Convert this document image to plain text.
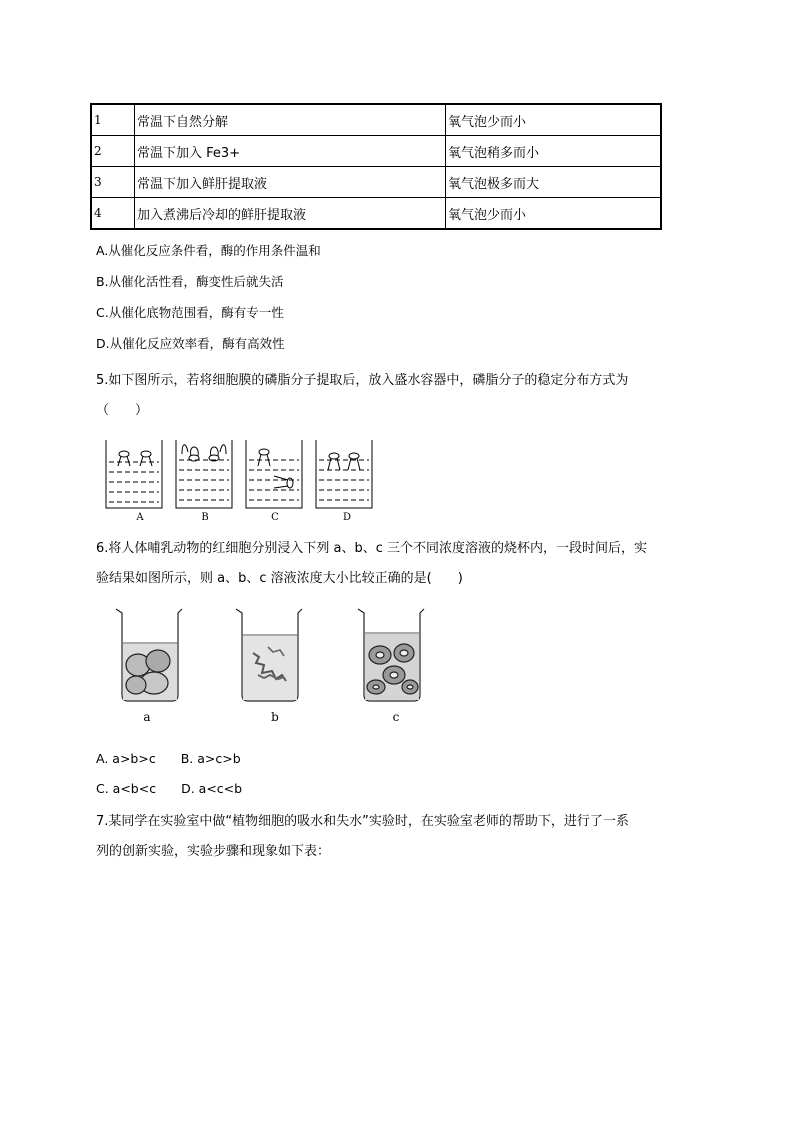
1	常温下自然分解	氧气泡少而小
2	常温下加入 Fe3+	氧气泡稍多而小
3	常温下加入鲜肝提取液	氧气泡极多而大
4	加入煮沸后冷却的鲜肝提取液	氧气泡少而小
A.从催化反应条件看，酶的作用条件温和
B.从催化活性看，酶变性后就失活
C.从催化底物范围看，酶有专一性
D.从催化反应效率看，酶有高效性
5.如下图所示，若将细胞膜的磷脂分子提取后，放入盛水容器中，磷脂分子的稳定分布方式为
（　　）
A	B	C	D
6.将人体哺乳动物的红细胞分别浸入下列 a、b、c 三个不同浓度溶液的烧杯内，一段时间后，实
验结果如图所示，则 a、b、c 溶液浓度大小比较正确的是(　　)
a	b	c
A. a>b>c　　B. a>c>b
C. a<b<c　　D. a<c<b
7.某同学在实验室中做“植物细胞的吸水和失水”实验时，在实验室老师的帮助下，进行了一系
列的创新实验，实验步骤和现象如下表：
